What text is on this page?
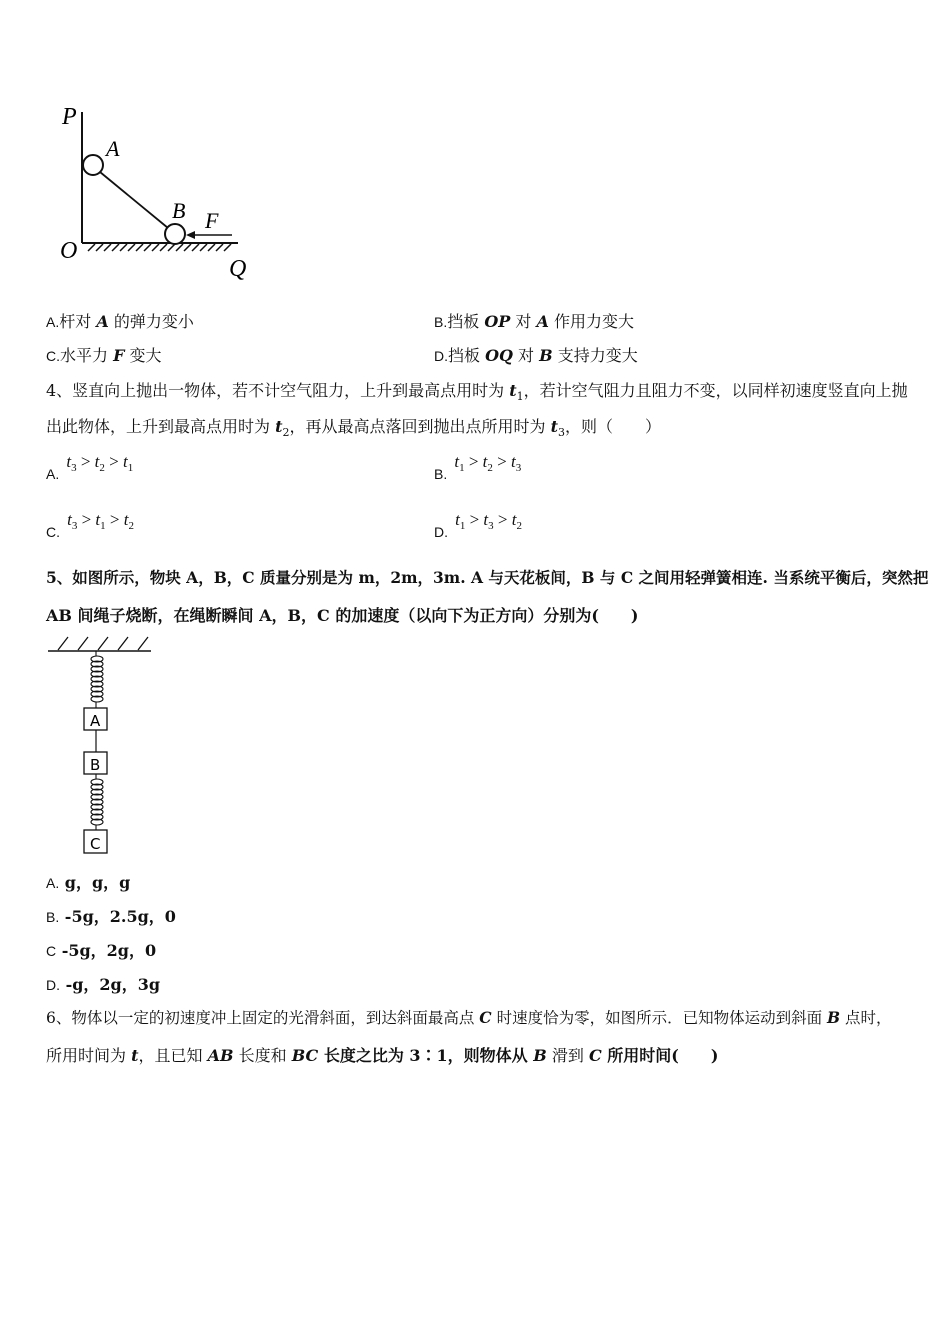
P
A
B F
O
Q
A.杆对 A 的弹力变小	B.挡板 OP 对 A 作用力变大
C.水平力 F 变大	D.挡板 OQ 对 B 支持力变大
4、竖直向上抛出一物体，若不计空气阻力，上升到最高点用时为 $t_1$，若计空气阻力且阻力不变，以同样初速度竖直向上抛
出此物体，上升到最高点用时为 $t_2$，再从最高点落回到抛出点所用时为 $t_3$，则（　　）
A. $t_3 > t_2 > t_1$	B. $t_1 > t_2 > t_3$
C. $t_3 > t_1 > t_2$	D. $t_1 > t_3 > t_2$
5、如图所示，物块 A，B，C 质量分别是为 m，2m，3m. A 与天花板间，B 与 C 之间用轻弹簧相连. 当系统平衡后，突然把
AB 间绳子烧断，在绳断瞬间 A，B，C 的加速度（以向下为正方向）分别为(　　)
A
B
C
A. g，g，g
B. -5g，2.5g，0
C -5g，2g，0
D. -g，2g，3g
6、物体以一定的初速度冲上固定的光滑斜面，到达斜面最高点 C 时速度恰为零，如图所示．已知物体运动到斜面 B 点时，
所用时间为 t，且已知 AB 长度和 BC 长度之比为 3∶1，则物体从 B 滑到 C 所用时间(　　)
